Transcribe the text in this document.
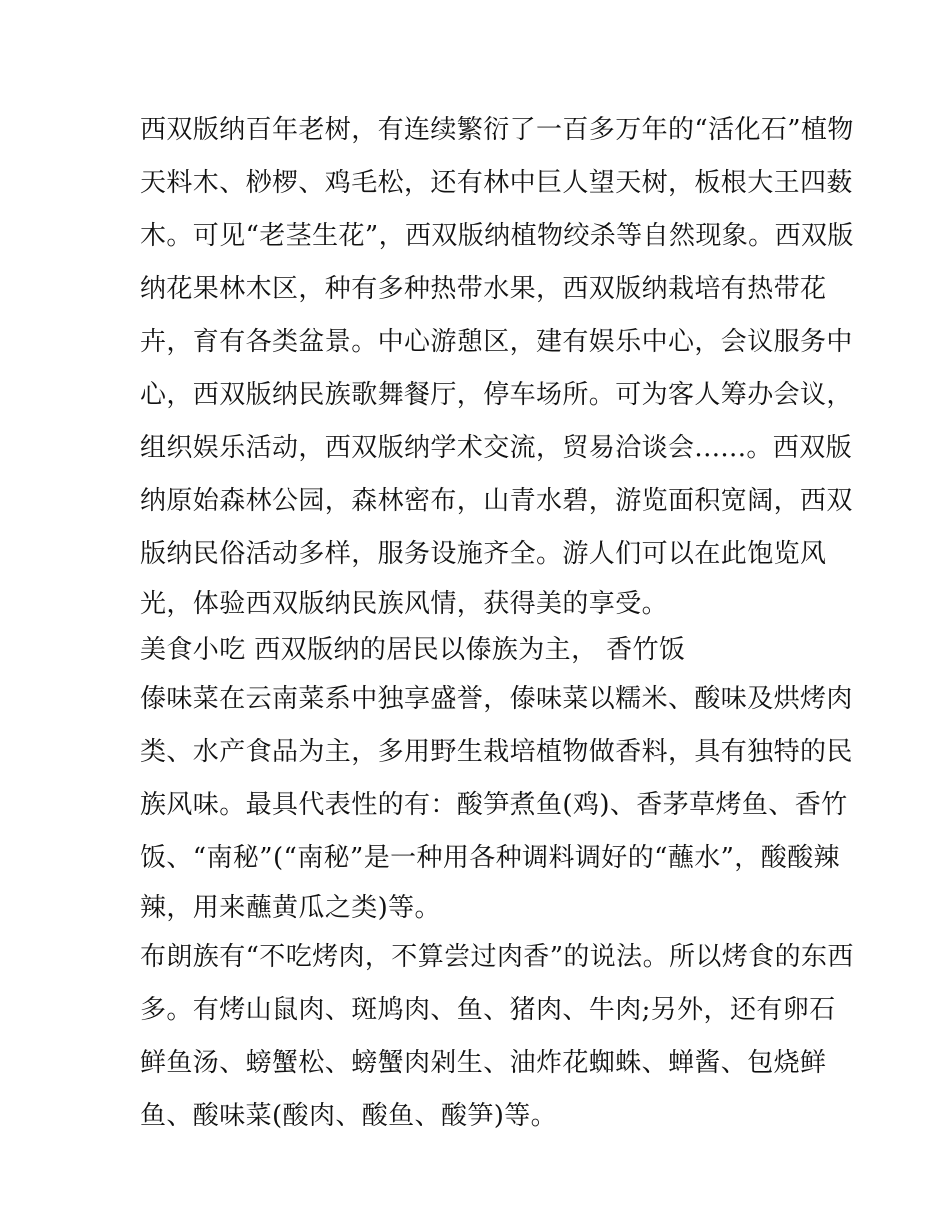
西双版纳百年老树，有连续繁衍了一百多万年的“活化石”植物
天料木、桫椤、鸡毛松，还有林中巨人望天树，板根大王四薮
木。可见“老茎生花”，西双版纳植物绞杀等自然现象。西双版
纳花果林木区，种有多种热带水果，西双版纳栽培有热带花
卉，育有各类盆景。中心游憩区，建有娱乐中心，会议服务中
心，西双版纳民族歌舞餐厅，停车场所。可为客人筹办会议，
组织娱乐活动，西双版纳学术交流，贸易洽谈会......。西双版
纳原始森林公园，森林密布，山青水碧，游览面积宽阔，西双
版纳民俗活动多样，服务设施齐全。游人们可以在此饱览风
光，体验西双版纳民族风情，获得美的享受。
美食小吃 西双版纳的居民以傣族为主， 香竹饭
傣味菜在云南菜系中独享盛誉，傣味菜以糯米、酸味及烘烤肉
类、水产食品为主，多用野生栽培植物做香料，具有独特的民
族风味。最具代表性的有：酸笋煮鱼(鸡)、香茅草烤鱼、香竹
饭、“南秘”(“南秘”是一种用各种调料调好的“蘸水”，酸酸辣
辣，用来蘸黄瓜之类)等。
布朗族有“不吃烤肉，不算尝过肉香”的说法。所以烤食的东西
多。有烤山鼠肉、斑鸠肉、鱼、猪肉、牛肉;另外，还有卵石
鲜鱼汤、螃蟹松、螃蟹肉剁生、油炸花蜘蛛、蝉酱、包烧鲜
鱼、酸味菜(酸肉、酸鱼、酸笋)等。
